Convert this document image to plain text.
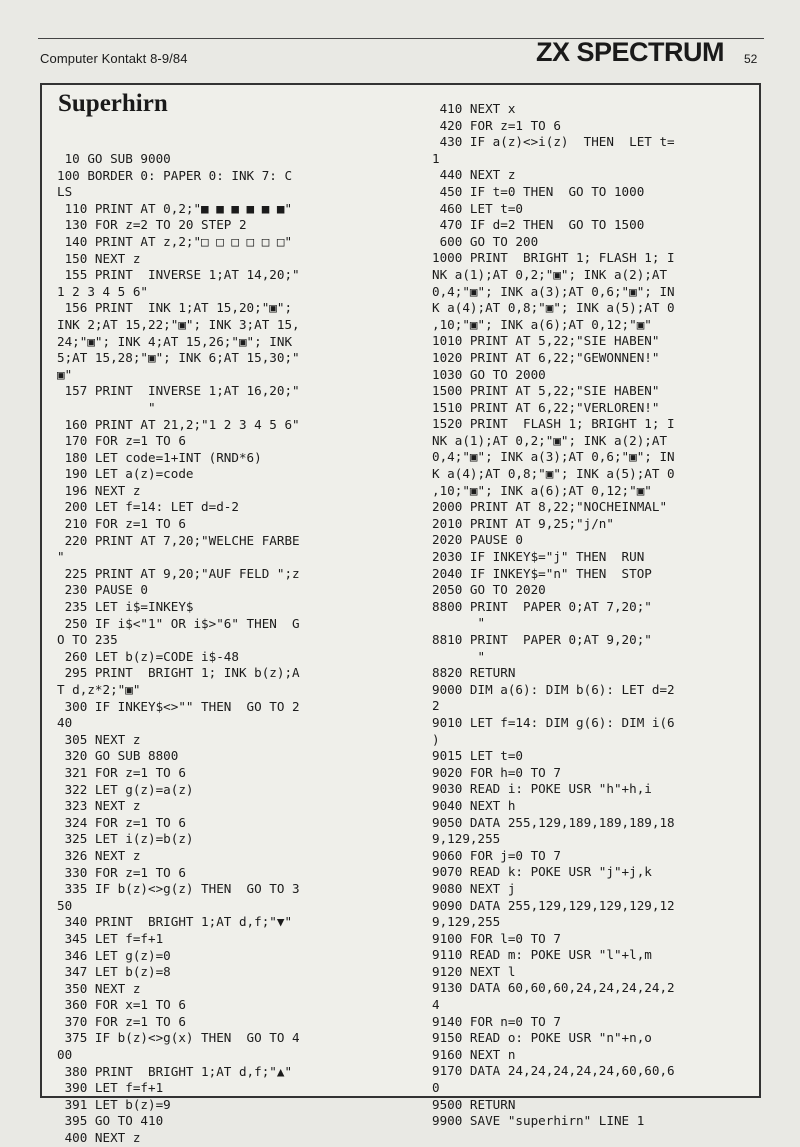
Computer Kontakt 8-9/84	ZX SPECTRUM 52
Superhirn
10 GO SUB 9000
100 BORDER 0: PAPER 0: INK 7: C
LS
110 PRINT AT 0,2;"■ ■ ■ ■ ■ ■"
130 FOR z=2 TO 20 STEP 2
140 PRINT AT z,2;"□ □ □ □ □ □"
150 NEXT z
155 PRINT  INVERSE 1;AT 14,20;"
1 2 3 4 5 6"
156 PRINT  INK 1;AT 15,20;"▣";
INK 2;AT 15,22;"▣"; INK 3;AT 15,
24;"▣"; INK 4;AT 15,26;"▣"; INK
5;AT 15,28;"▣"; INK 6;AT 15,30;"
▣"
157 PRINT  INVERSE 1;AT 16,20;"
"
160 PRINT AT 21,2;"1 2 3 4 5 6"
170 FOR z=1 TO 6
180 LET code=1+INT (RND*6)
190 LET a(z)=code
196 NEXT z
200 LET f=14: LET d=d-2
210 FOR z=1 TO 6
220 PRINT AT 7,20;"WELCHE FARBE
"
225 PRINT AT 9,20;"AUF FELD ";z
230 PAUSE 0
235 LET i$=INKEY$
250 IF i$<"1" OR i$>"6" THEN  G
O TO 235
260 LET b(z)=CODE i$-48
295 PRINT  BRIGHT 1; INK b(z);A
T d,z*2;"▣"
300 IF INKEY$<>"" THEN  GO TO 2
40
305 NEXT z
320 GO SUB 8800
321 FOR z=1 TO 6
322 LET g(z)=a(z)
323 NEXT z
324 FOR z=1 TO 6
325 LET i(z)=b(z)
326 NEXT z
330 FOR z=1 TO 6
335 IF b(z)<>g(z) THEN  GO TO 3
50
340 PRINT  BRIGHT 1;AT d,f;"▼"
345 LET f=f+1
346 LET g(z)=0
347 LET b(z)=8
350 NEXT z
360 FOR x=1 TO 6
370 FOR z=1 TO 6
375 IF b(z)<>g(x) THEN  GO TO 4
00
380 PRINT  BRIGHT 1;AT d,f;"▲"
390 LET f=f+1
391 LET b(z)=9
395 GO TO 410
400 NEXT z
410 NEXT x
420 FOR z=1 TO 6
430 IF a(z)<>i(z)  THEN  LET t=
1
440 NEXT z
450 IF t=0 THEN  GO TO 1000
460 LET t=0
470 IF d=2 THEN  GO TO 1500
600 GO TO 200
1000 PRINT  BRIGHT 1; FLASH 1; I
NK a(1);AT 0,2;"▣"; INK a(2);AT
0,4;"▣"; INK a(3);AT 0,6;"▣"; IN
K a(4);AT 0,8;"▣"; INK a(5);AT 0
,10;"▣"; INK a(6);AT 0,12;"▣"
1010 PRINT AT 5,22;"SIE HABEN"
1020 PRINT AT 6,22;"GEWONNEN!"
1030 GO TO 2000
1500 PRINT AT 5,22;"SIE HABEN"
1510 PRINT AT 6,22;"VERLOREN!"
1520 PRINT  FLASH 1; BRIGHT 1; I
NK a(1);AT 0,2;"▣"; INK a(2);AT
0,4;"▣"; INK a(3);AT 0,6;"▣"; IN
K a(4);AT 0,8;"▣"; INK a(5);AT 0
,10;"▣"; INK a(6);AT 0,12;"▣"
2000 PRINT AT 8,22;"NOCHEINMAL"
2010 PRINT AT 9,25;"j/n"
2020 PAUSE 0
2030 IF INKEY$="j" THEN  RUN
2040 IF INKEY$="n" THEN  STOP
2050 GO TO 2020
8800 PRINT  PAPER 0;AT 7,20;"
"
8810 PRINT  PAPER 0;AT 9,20;"
"
8820 RETURN
9000 DIM a(6): DIM b(6): LET d=2
2
9010 LET f=14: DIM g(6): DIM i(6
)
9015 LET t=0
9020 FOR h=0 TO 7
9030 READ i: POKE USR "h"+h,i
9040 NEXT h
9050 DATA 255,129,189,189,189,18
9,129,255
9060 FOR j=0 TO 7
9070 READ k: POKE USR "j"+j,k
9080 NEXT j
9090 DATA 255,129,129,129,129,12
9,129,255
9100 FOR l=0 TO 7
9110 READ m: POKE USR "l"+l,m
9120 NEXT l
9130 DATA 60,60,60,24,24,24,24,2
4
9140 FOR n=0 TO 7
9150 READ o: POKE USR "n"+n,o
9160 NEXT n
9170 DATA 24,24,24,24,24,60,60,6
0
9500 RETURN
9900 SAVE "superhirn" LINE 1
